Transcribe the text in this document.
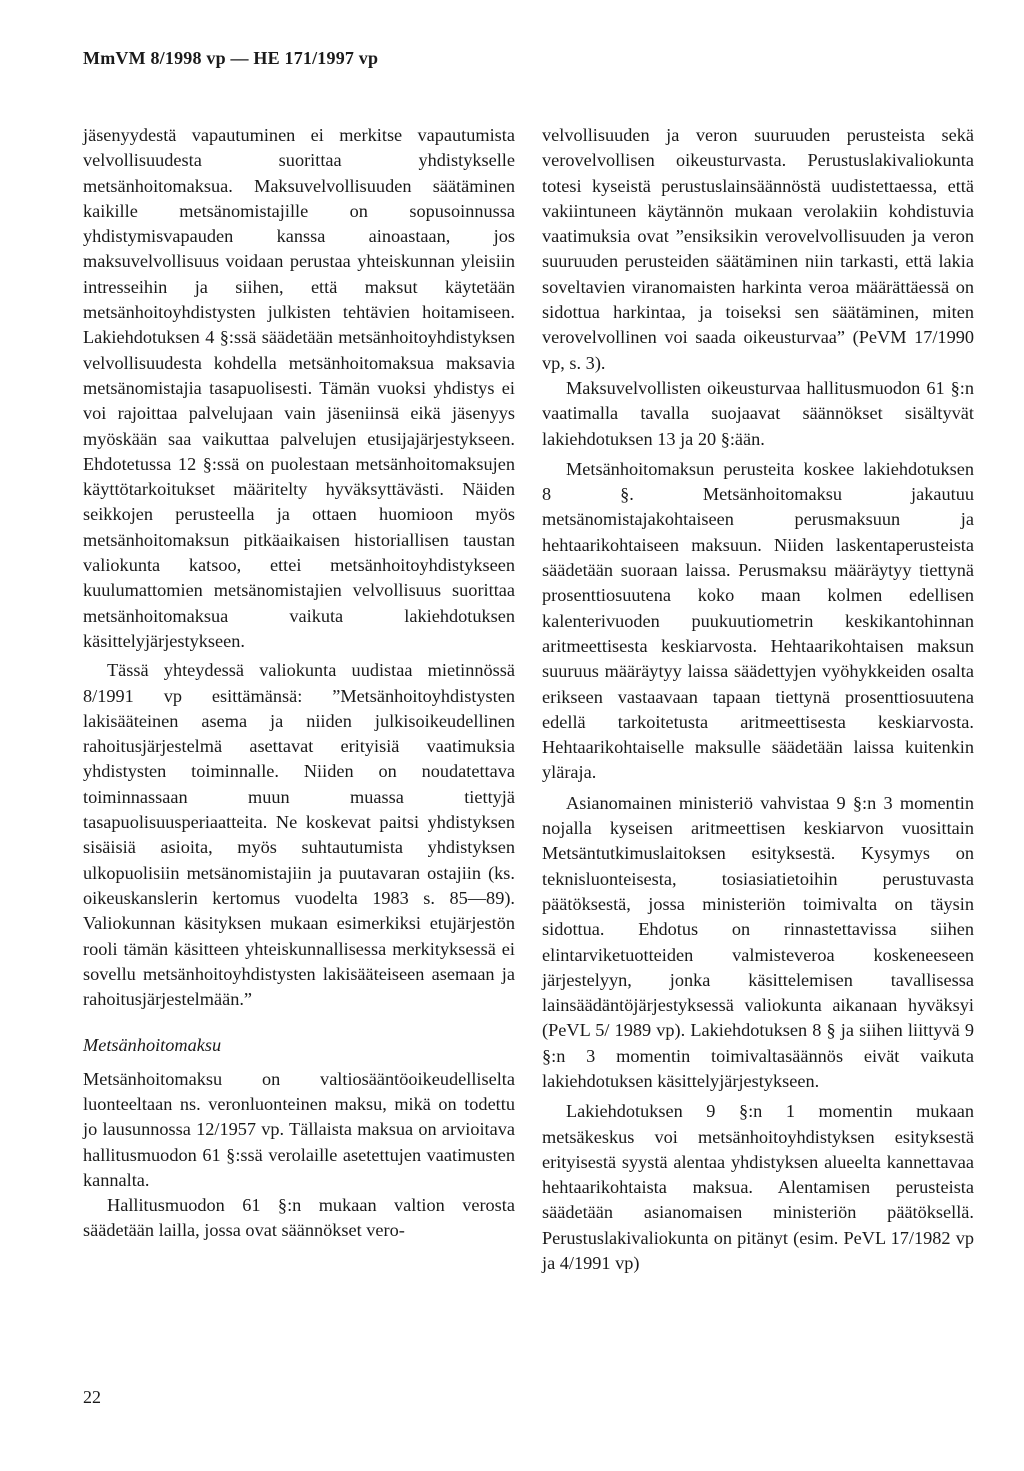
MmVM 8/1998 vp — HE 171/1997 vp

jäsenyydestä vapautuminen ei merkitse vapautumista velvollisuudesta suorittaa yhdistykselle metsänhoitomaksua. Maksuvelvollisuuden säätäminen kaikille metsänomistajille on sopusoinnussa yhdistymisvapauden kanssa ainoastaan, jos maksuvelvollisuus voidaan perustaa yhteiskunnan yleisiin intresseihin ja siihen, että maksut käytetään metsänhoitoyhdistysten julkisten tehtävien hoitamiseen. Lakiehdotuksen 4 §:ssä säädetään metsänhoitoyhdistyksen velvollisuudesta kohdella metsänhoitomaksua maksavia metsänomistajia tasapuolisesti. Tämän vuoksi yhdistys ei voi rajoittaa palvelujaan vain jäseniinsä eikä jäsenyys myöskään saa vaikuttaa palvelujen etusijajärjestykseen. Ehdotetussa 12 §:ssä on puolestaan metsänhoitomaksujen käyttötarkoitukset määritelty hyväksyttävästi. Näiden seikkojen perusteella ja ottaen huomioon myös metsänhoitomaksun pitkäaikaisen historiallisen taustan valiokunta katsoo, ettei metsänhoitoyhdistykseen kuulumattomien metsänomistajien velvollisuus suorittaa metsänhoitomaksua vaikuta lakiehdotuksen käsittelyjärjestykseen.

Tässä yhteydessä valiokunta uudistaa mietinnössä 8/1991 vp esittämänsä: ”Metsänhoitoyhdistysten lakisääteinen asema ja niiden julkisoikeudellinen rahoitusjärjestelmä asettavat erityisiä vaatimuksia yhdistysten toiminnalle. Niiden on noudatettava toiminnassaan muun muassa tiettyjä tasapuolisuusperiaatteita. Ne koskevat paitsi yhdistyksen sisäisiä asioita, myös suhtautumista yhdistyksen ulkopuolisiin metsänomistajiin ja puutavaran ostajiin (ks. oikeuskanslerin kertomus vuodelta 1983 s. 85—89). Valiokunnan käsityksen mukaan esimerkiksi etujärjestön rooli tämän käsitteen yhteiskunnallisessa merkityksessä ei sovellu metsänhoitoyhdistysten lakisääteiseen asemaan ja rahoitusjärjestelmään.”

Metsänhoitomaksu

Metsänhoitomaksu on valtiosääntöoikeudelliselta luonteeltaan ns. veronluonteinen maksu, mikä on todettu jo lausunnossa 12/1957 vp. Tällaista maksua on arvioitava hallitusmuodon 61 §:ssä verolaille asetettujen vaatimusten kannalta.

Hallitusmuodon 61 §:n mukaan valtion verosta säädetään lailla, jossa ovat säännökset vero-

velvollisuuden ja veron suuruuden perusteista sekä verovelvollisen oikeusturvasta. Perustuslakivaliokunta totesi kyseistä perustuslainsäännöstä uudistettaessa, että vakiintuneen käytännön mukaan verolakiin kohdistuvia vaatimuksia ovat ”ensiksikin verovelvollisuuden ja veron suuruuden perusteiden säätäminen niin tarkasti, että lakia soveltavien viranomaisten harkinta veroa määrättäessä on sidottua harkintaa, ja toiseksi sen säätäminen, miten verovelvollinen voi saada oikeusturvaa” (PeVM 17/1990 vp, s. 3).

Maksuvelvollisten oikeusturvaa hallitusmuodon 61 §:n vaatimalla tavalla suojaavat säännökset sisältyvät lakiehdotuksen 13 ja 20 §:ään.

Metsänhoitomaksun perusteita koskee lakiehdotuksen 8 §. Metsänhoitomaksu jakautuu metsänomistajakohtaiseen perusmaksuun ja hehtaarikohtaiseen maksuun. Niiden laskentaperusteista säädetään suoraan laissa. Perusmaksu määräytyy tiettynä prosenttiosuutena koko maan kolmen edellisen kalenterivuoden puukuutiometrin keskikantohinnan aritmeettisesta keskiarvosta. Hehtaarikohtaisen maksun suuruus määräytyy laissa säädettyjen vyöhykkeiden osalta erikseen vastaavaan tapaan tiettynä prosenttiosuutena edellä tarkoitetusta aritmeettisesta keskiarvosta. Hehtaarikohtaiselle maksulle säädetään laissa kuitenkin yläraja.

Asianomainen ministeriö vahvistaa 9 §:n 3 momentin nojalla kyseisen aritmeettisen keskiarvon vuosittain Metsäntutkimuslaitoksen esityksestä. Kysymys on teknisluonteisesta, tosiasiatietoihin perustuvasta päätöksestä, jossa ministeriön toimivalta on täysin sidottua. Ehdotus on rinnastettavissa siihen elintarviketuotteiden valmisteveroa koskeneeseen järjestelyyn, jonka käsittelemisen tavallisessa lainsäädäntöjärjestyksessä valiokunta aikanaan hyväksyi (PeVL 5/ 1989 vp). Lakiehdotuksen 8 § ja siihen liittyvä 9 §:n 3 momentin toimivaltasäännös eivät vaikuta lakiehdotuksen käsittelyjärjestykseen.

Lakiehdotuksen 9 §:n 1 momentin mukaan metsäkeskus voi metsänhoitoyhdistyksen esityksestä erityisestä syystä alentaa yhdistyksen alueelta kannettavaa hehtaarikohtaista maksua. Alentamisen perusteista säädetään asianomaisen ministeriön päätöksellä. Perustuslakivaliokunta on pitänyt (esim. PeVL 17/1982 vp ja 4/1991 vp)

22
